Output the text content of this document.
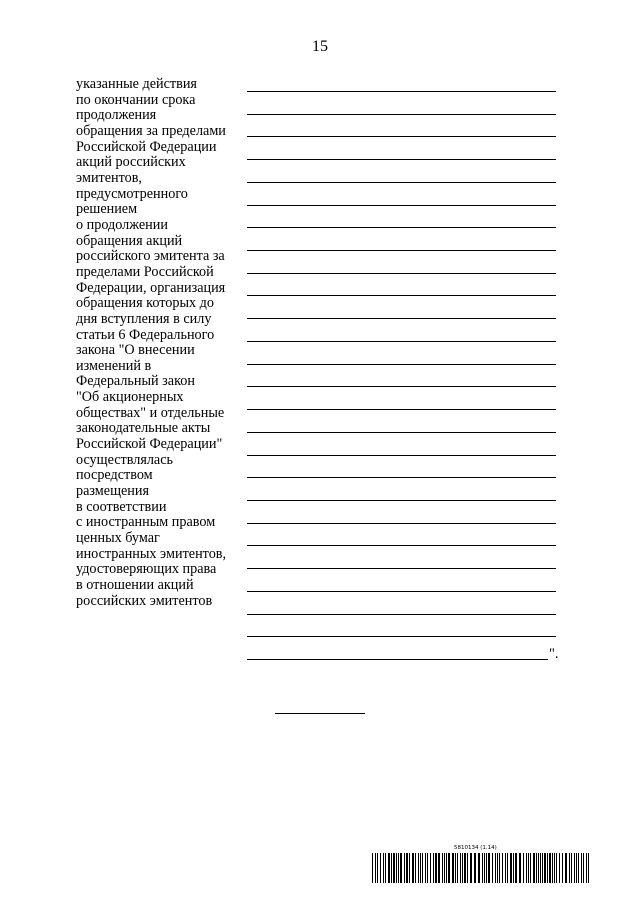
15
указанные действия
по окончании срока
продолжения
обращения за пределами
Российской Федерации
акций российских
эмитентов,
предусмотренного
решением
о продолжении
обращения акций
российского эмитента за
пределами Российской
Федерации, организация
обращения которых до
дня вступления в силу
статьи 6 Федерального
закона "О внесении
изменений в
Федеральный закон
"Об акционерных
обществах" и отдельные
законодательные акты
Российской Федерации"
осуществлялась
посредством
размещения
в соответствии
с иностранным правом
ценных бумаг
иностранных эмитентов,
удостоверяющих права
в отношении акций
российских эмитентов
".
5810134 (1.14)
